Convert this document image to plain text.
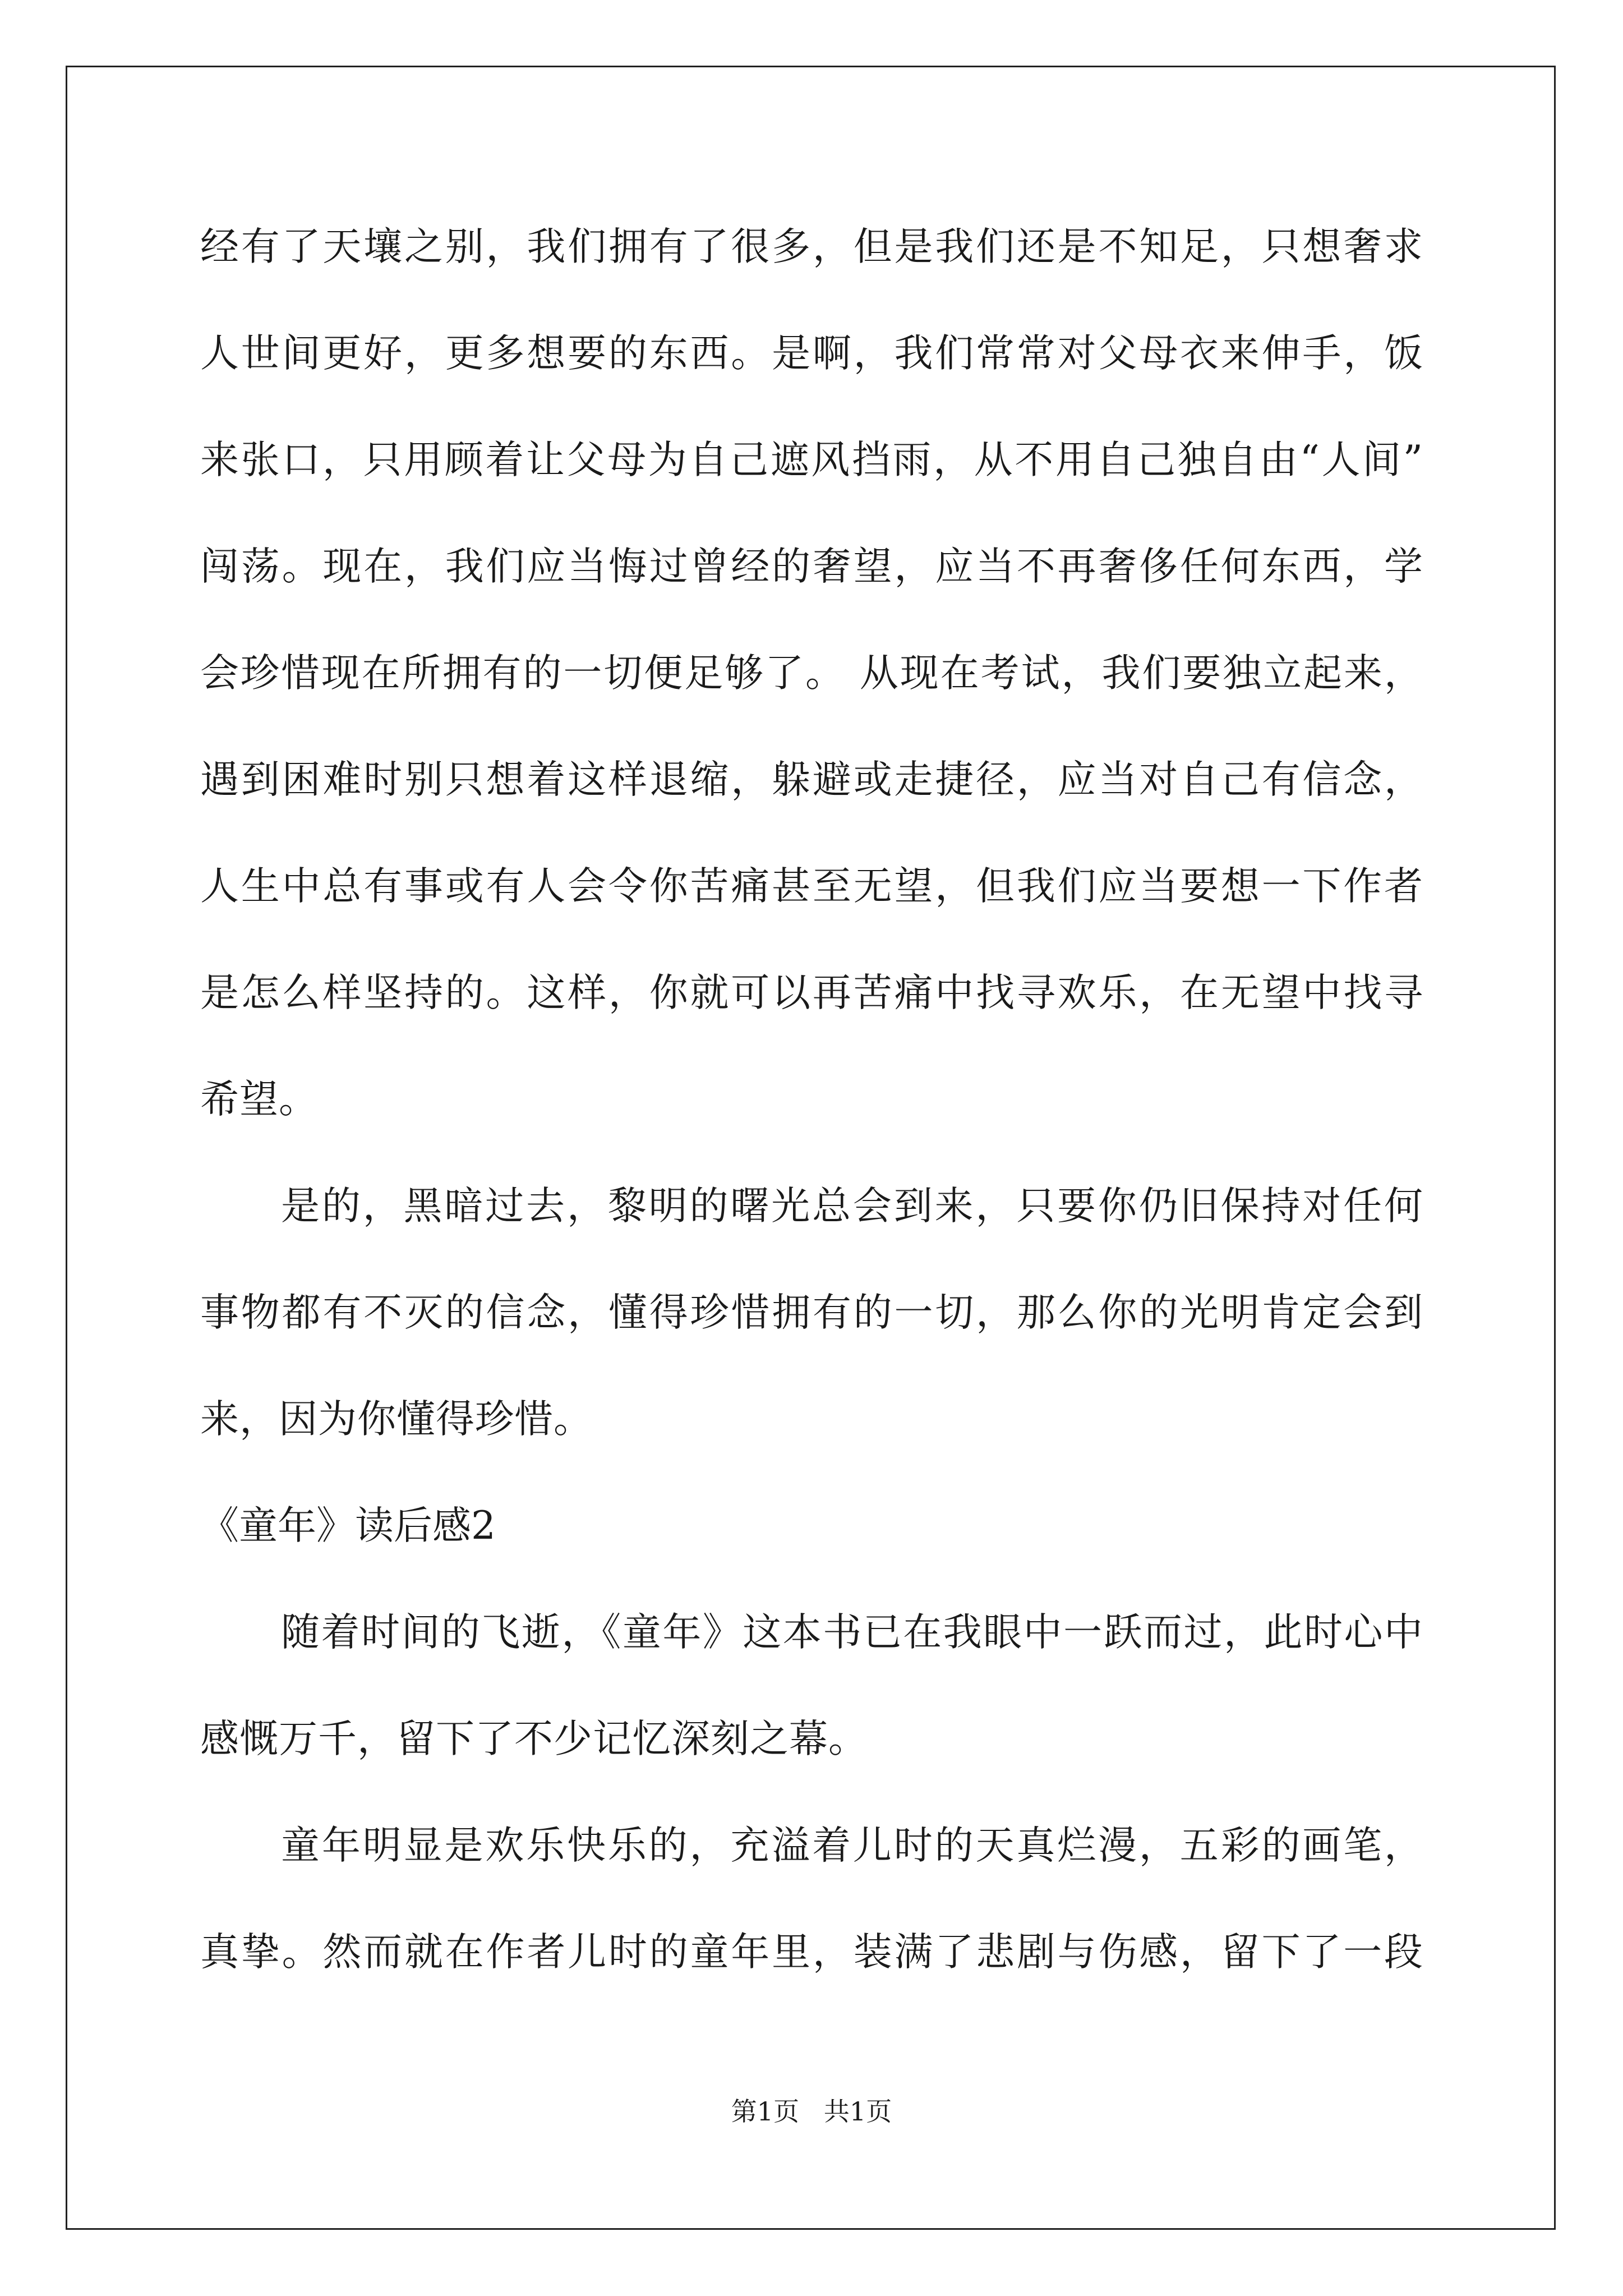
经有了天壤之别，我们拥有了很多，但是我们还是不知足，只想奢求
人世间更好，更多想要的东西。是啊，我们常常对父母衣来伸手，饭
来张口，只用顾着让父母为自己遮风挡雨，从不用自己独自由“人间”
闯荡。现在，我们应当悔过曾经的奢望，应当不再奢侈任何东西，学
会珍惜现在所拥有的一切便足够了。 从现在考试，我们要独立起来，
遇到困难时别只想着这样退缩，躲避或走捷径，应当对自己有信念，
人生中总有事或有人会令你苦痛甚至无望，但我们应当要想一下作者
是怎么样坚持的。这样，你就可以再苦痛中找寻欢乐，在无望中找寻
希望。
是的，黑暗过去，黎明的曙光总会到来，只要你仍旧保持对任何
事物都有不灭的信念，懂得珍惜拥有的一切，那么你的光明肯定会到
来，因为你懂得珍惜。
《童年》读后感2
随着时间的飞逝，《童年》这本书已在我眼中一跃而过，此时心中
感慨万千，留下了不少记忆深刻之幕。
童年明显是欢乐快乐的，充溢着儿时的天真烂漫，五彩的画笔，
真挚。然而就在作者儿时的童年里，装满了悲剧与伤感，留下了一段
第1页   共1页
